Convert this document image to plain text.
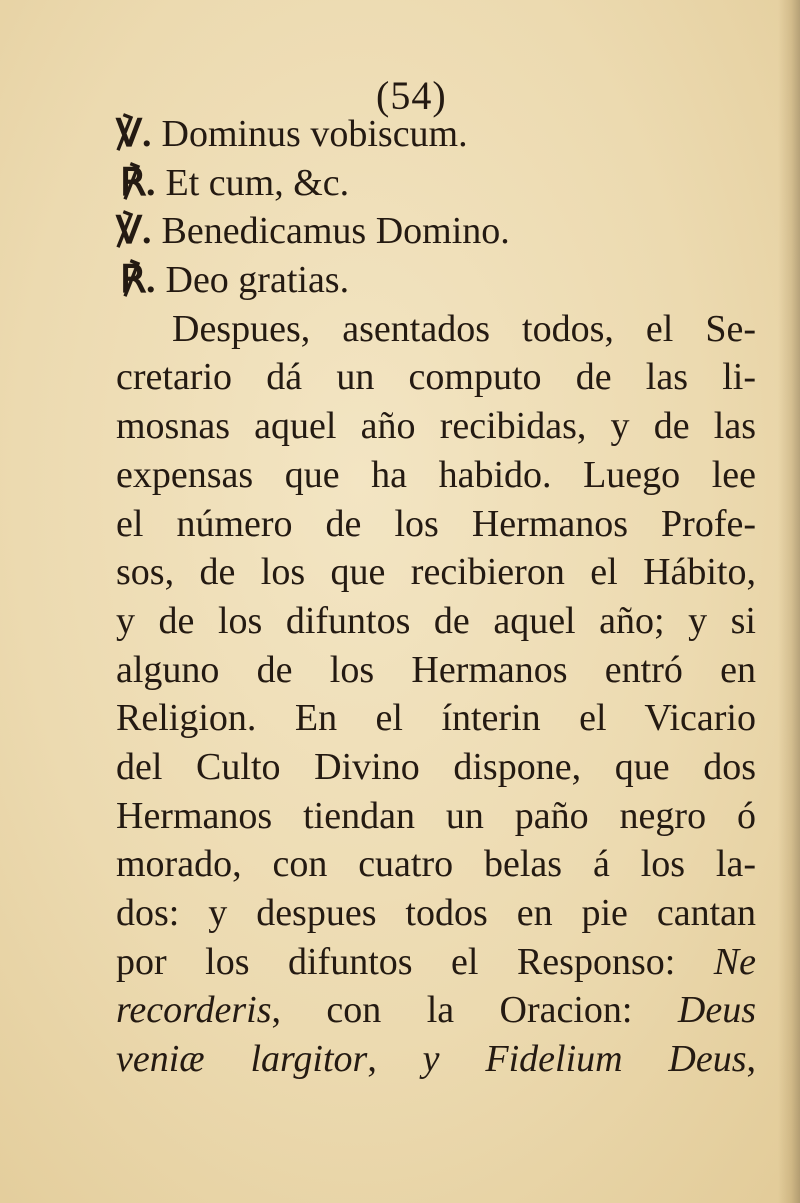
(54)
℣. Dominus vobiscum.
℟. Et cum, &c.
℣. Benedicamus Domino.
℟. Deo gratias.
Despues, asentados todos, el Se-
cretario dá un computo de las li-
mosnas aquel año recibidas, y de las
expensas que ha habido. Luego lee
el número de los Hermanos Profe-
sos, de los que recibieron el Hábito,
y de los difuntos de aquel año; y si
alguno de los Hermanos entró en
Religion. En el ínterin el Vicario
del Culto Divino dispone, que dos
Hermanos tiendan un paño negro ó
morado, con cuatro belas á los la-
dos: y despues todos en pie cantan
por los difuntos el Responso: Ne
recorderis, con la Oracion: Deus
veniæ largitor, y Fidelium Deus,
